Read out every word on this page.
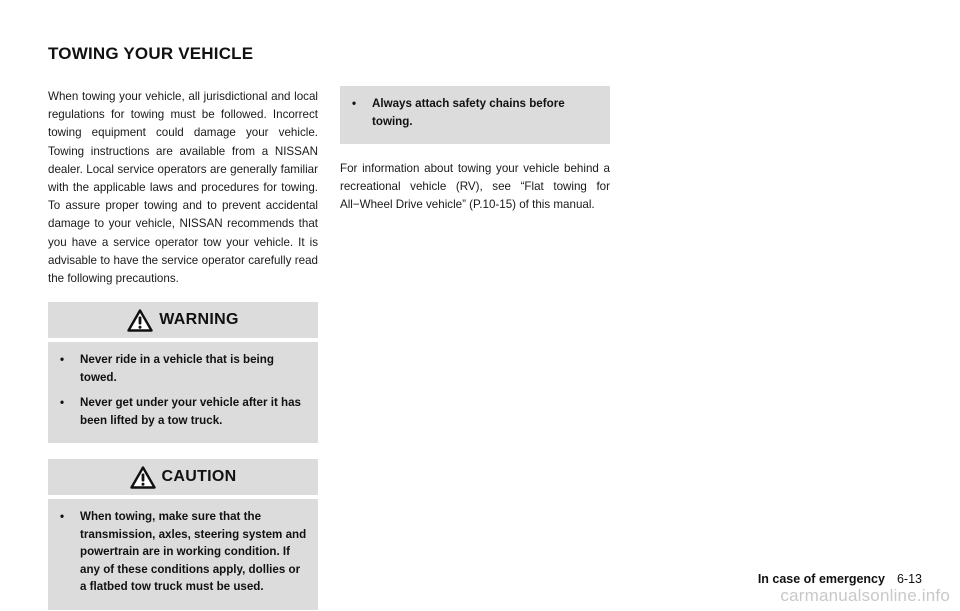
TOWING YOUR VEHICLE

When towing your vehicle, all jurisdictional and local regulations for towing must be followed. Incorrect towing equipment could damage your vehicle. Towing instructions are available from a NISSAN dealer. Local service operators are generally familiar with the applicable laws and procedures for towing. To assure proper towing and to prevent accidental damage to your vehicle, NISSAN recommends that you have a service operator tow your vehicle. It is advisable to have the service operator carefully read the following precautions.

WARNING
• Never ride in a vehicle that is being towed.
• Never get under your vehicle after it has been lifted by a tow truck.
CAUTION
• When towing, make sure that the transmission, axles, steering system and powertrain are in working condition. If any of these conditions apply, dollies or a flatbed tow truck must be used.
• Always attach safety chains before towing.

For information about towing your vehicle behind a recreational vehicle (RV), see “Flat towing for All−Wheel Drive vehicle” (P.10-15) of this manual.

In case of emergency 6-13
carmanualsonline.info
